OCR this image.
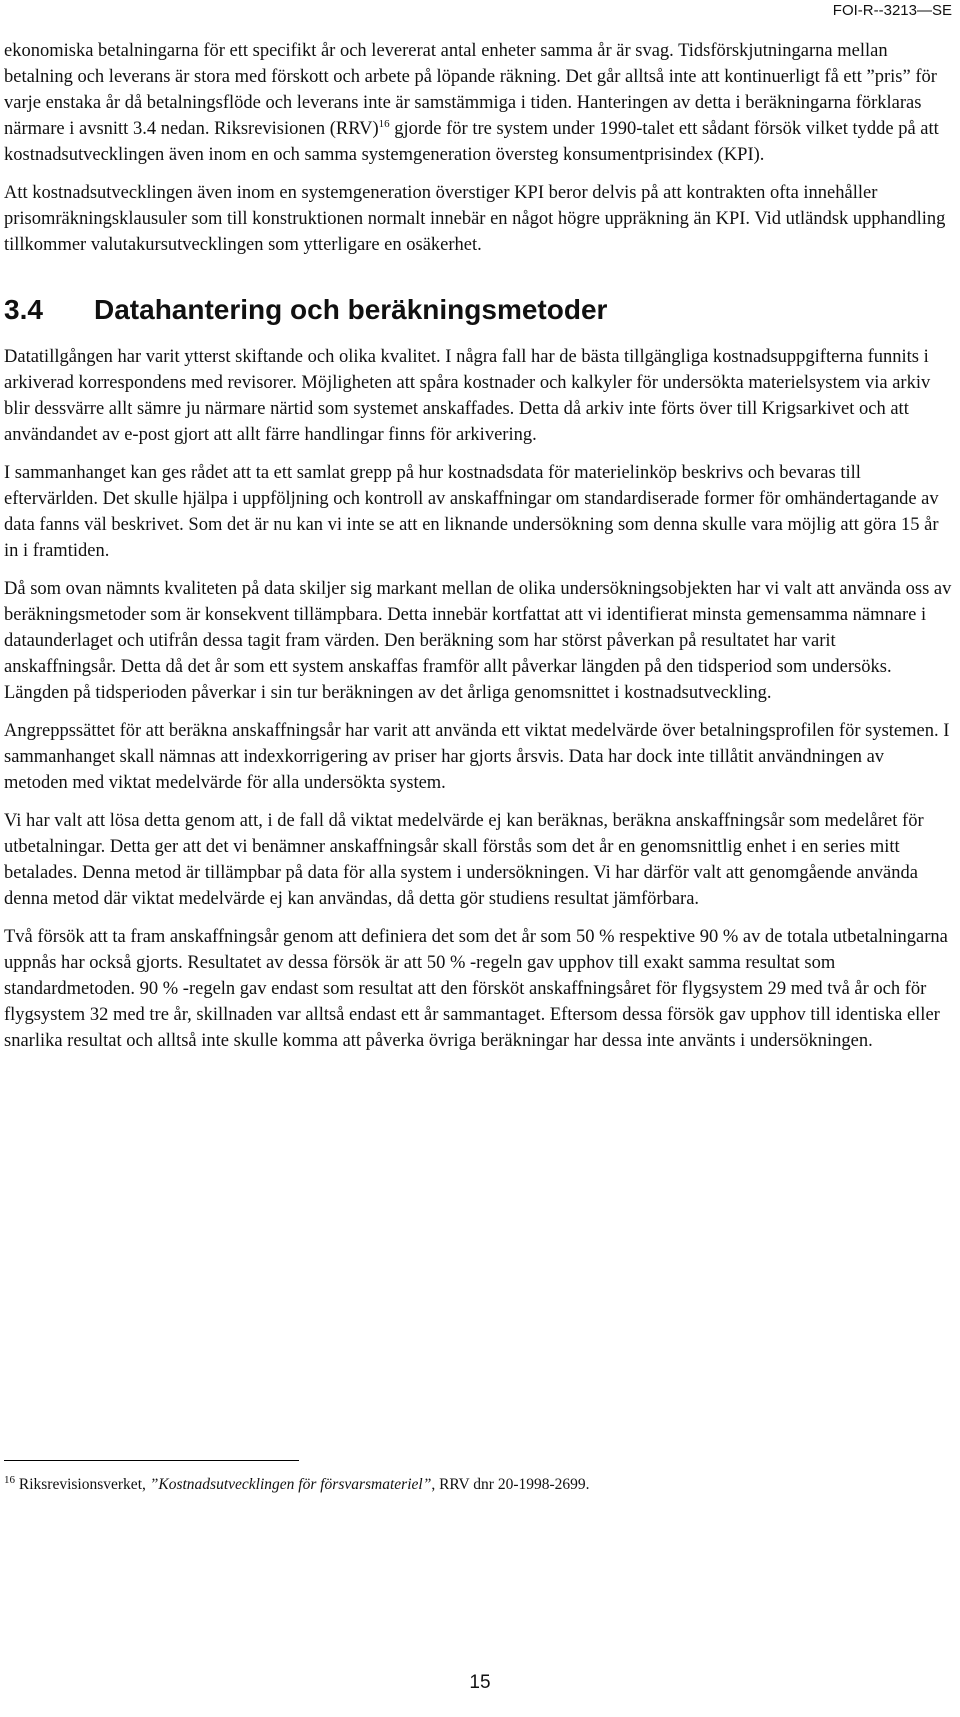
FOI-R--3213—SE

ekonomiska betalningarna för ett specifikt år och levererat antal enheter samma år är svag. Tidsförskjutningarna mellan betalning och leverans är stora med förskott och arbete på löpande räkning. Det går alltså inte att kontinuerligt få ett ”pris” för varje enstaka år då betalningsflöde och leverans inte är samstämmiga i tiden. Hanteringen av detta i beräkningarna förklaras närmare i avsnitt 3.4 nedan. Riksrevisionen (RRV)$^{16}$ gjorde för tre system under 1990-talet ett sådant försök vilket tydde på att kostnadsutvecklingen även inom en och samma systemgeneration översteg konsumentprisindex (KPI).

Att kostnadsutvecklingen även inom en systemgeneration överstiger KPI beror delvis på att kontrakten ofta innehåller prisomräkningsklausuler som till konstruktionen normalt innebär en något högre uppräkning än KPI. Vid utländsk upphandling tillkommer valutakursutvecklingen som ytterligare en osäkerhet.

3.4	Datahantering och beräkningsmetoder

Datatillgången har varit ytterst skiftande och olika kvalitet. I några fall har de bästa tillgängliga kostnadsuppgifterna funnits i arkiverad korrespondens med revisorer. Möjligheten att spåra kostnader och kalkyler för undersökta materielsystem via arkiv blir dessvärre allt sämre ju närmare närtid som systemet anskaffades. Detta då arkiv inte förts över till Krigsarkivet och att användandet av e-post gjort att allt färre handlingar finns för arkivering.

I sammanhanget kan ges rådet att ta ett samlat grepp på hur kostnadsdata för materielinköp beskrivs och bevaras till eftervärlden. Det skulle hjälpa i uppföljning och kontroll av anskaffningar om standardiserade former för omhändertagande av data fanns väl beskrivet. Som det är nu kan vi inte se att en liknande undersökning som denna skulle vara möjlig att göra 15 år in i framtiden.

Då som ovan nämnts kvaliteten på data skiljer sig markant mellan de olika undersökningsobjekten har vi valt att använda oss av beräkningsmetoder som är konsekvent tillämpbara. Detta innebär kortfattat att vi identifierat minsta gemensamma nämnare i dataunderlaget och utifrån dessa tagit fram värden. Den beräkning som har störst påverkan på resultatet har varit anskaffningsår. Detta då det år som ett system anskaffas framför allt påverkar längden på den tidsperiod som undersöks. Längden på tidsperioden påverkar i sin tur beräkningen av det årliga genomsnittet i kostnadsutveckling.

Angreppssättet för att beräkna anskaffningsår har varit att använda ett viktat medelvärde över betalningsprofilen för systemen. I sammanhanget skall nämnas att indexkorrigering av priser har gjorts årsvis. Data har dock inte tillåtit användningen av metoden med viktat medelvärde för alla undersökta system.

Vi har valt att lösa detta genom att, i de fall då viktat medelvärde ej kan beräknas, beräkna anskaffningsår som medelåret för utbetalningar. Detta ger att det vi benämner anskaffningsår skall förstås som det år en genomsnittlig enhet i en series mitt betalades. Denna metod är tillämpbar på data för alla system i undersökningen. Vi har därför valt att genomgående använda denna metod där viktat medelvärde ej kan användas, då detta gör studiens resultat jämförbara.

Två försök att ta fram anskaffningsår genom att definiera det som det år som 50 % respektive 90 % av de totala utbetalningarna uppnås har också gjorts. Resultatet av dessa försök är att 50 % -regeln gav upphov till exakt samma resultat som standardmetoden. 90 % -regeln gav endast som resultat att den försköt anskaffningsåret för flygsystem 29 med två år och för flygsystem 32 med tre år, skillnaden var alltså endast ett år sammantaget. Eftersom dessa försök gav upphov till identiska eller snarlika resultat och alltså inte skulle komma att påverka övriga beräkningar har dessa inte använts i undersökningen.

$^{16}$ Riksrevisionsverket, ”Kostnadsutvecklingen för försvarsmateriel”, RRV dnr 20-1998-2699.
15
